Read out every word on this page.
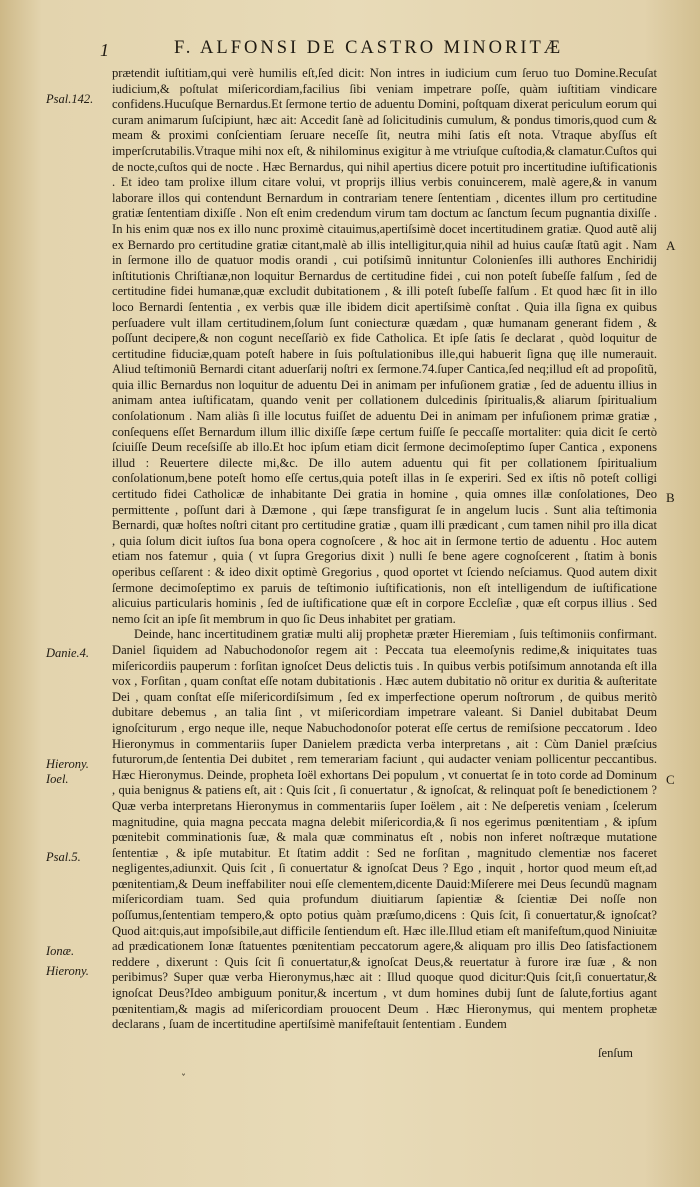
1	F. ALFONSI DE CASTRO MINORITÆ
Psal.142.
Danie.4.
Hierony.
Ioel.
Psal.5.
Ionæ.
Hierony.
A
B
C

prætendit iuſtitiam,qui verè humilis eſt,ſed dicit: Non intres in iudicium cum ſeruo tuo Domine.Recuſat iudicium,& poſtulat miſericordiam,facilius ſibi veniam impetrare poſſe, quàm iuſtitiam vindicare confidens.Hucuſque Bernardus.Et ſermone tertio de aduentu Domini, poſtquam dixerat periculum eorum qui curam animarum ſuſcipiunt, hæc ait: Accedit ſanè ad ſolicitudinis cumulum, & pondus timoris,quod cum & meam & proximi conſcientiam ſeruare neceſſe ſit, neutra mihi ſatis eſt nota. Vtraque abyſſus eſt imperſcrutabilis.Vtraque mihi nox eſt, & nihilominus exigitur à me vtriuſque cuſtodia,& clamatur.Cuſtos qui de nocte,cuſtos qui de nocte . Hæc Bernardus, qui nihil apertius dicere potuit pro incertitudine iuſtificationis . Et ideo tam prolixe illum citare volui, vt proprijs illius verbis conuincerem, malè agere,& in vanum laborare illos qui contendunt Bernardum in contrariam tenere ſententiam , dicentes illum pro certitudine gratiæ ſententiam dixiſſe . Non eſt enim credendum virum tam doctum ac ſanctum ſecum pugnantia dixiſſe . In his enim quæ nos ex illo nunc proximè citauimus,apertiſsimè docet incertitudinem gratiæ. Quod autẽ alij ex Bernardo pro certitudine gratiæ citant,malè ab illis intelligitur,quia nihil ad huius cauſæ ſtatũ agit . Nam in ſermone illo de quatuor modis orandi , cui potiſsimũ innituntur Colonienſes illi authores Enchiridij inſtitutionis Chriſtianæ,non loquitur Bernardus de certitudine fidei , cui non poteſt ſubeſſe falſum , ſed de certitudine fidei humanæ,quæ excludit dubitationem , & illi poteſt ſubeſſe falſum . Et quod hæc ſit in illo loco Bernardi ſententia , ex verbis quæ ille ibidem dicit apertiſsimè conſtat . Quia illa ſigna ex quibus perſuadere vult illam certitudinem,ſolum ſunt coniecturæ quædam , quæ humanam generant fidem , & poſſunt decipere,& non cogunt neceſſariò ex fide Catholica. Et ipſe ſatis ſe declarat , quòd loquitur de certitudine fiduciæ,quam poteſt habere in ſuis poſtulationibus ille,qui habuerit ſigna quę ille numerauit. Aliud teſtimoniũ Bernardi citant aduerſarij noſtri ex ſermone.74.ſuper Cantica,ſed neq;illud eſt ad propoſitũ, quia illic Bernardus non loquitur de aduentu Dei in animam per infuſionem gratiæ , ſed de aduentu illius in animam antea iuſtificatam, quando venit per collationem dulcedinis ſpiritualis,& aliarum ſpiritualium conſolationum . Nam aliàs ſi ille locutus fuiſſet de aduentu Dei in animam per infuſionem primæ gratiæ , conſequens eſſet Bernardum illum illic dixiſſe ſæpe certum fuiſſe ſe peccaſſe mortaliter: quia dicit ſe certò ſciuiſſe Deum receſsiſſe ab illo.Et hoc ipſum etiam dicit ſermone decimoſeptimo ſuper Cantica , exponens illud : Reuertere dilecte mi,&c. De illo autem aduentu qui fit per collationem ſpiritualium conſolationum,bene poteſt homo eſſe certus,quia poteſt illas in ſe experiri. Sed ex iſtis nõ poteſt colligi certitudo fidei Catholicæ de inhabitante Dei gratia in homine , quia omnes illæ conſolationes, Deo permittente , poſſunt dari à Dæmone , qui ſæpe transfigurat ſe in angelum lucis . Sunt alia teſtimonia Bernardi, quæ hoſtes noſtri citant pro certitudine gratiæ , quam illi prædicant , cum tamen nihil pro illa dicat , quia ſolum dicit iuſtos ſua bona opera cognoſcere , & hoc ait in ſermone tertio de aduentu . Hoc autem etiam nos fatemur , quia ( vt ſupra Gregorius dixit ) nulli ſe bene agere cognoſcerent , ſtatim à bonis operibus ceſſarent : & ideo dixit optimè Gregorius , quod oportet vt ſciendo neſciamus. Quod autem dixit ſermone decimoſeptimo ex paruis de teſtimonio iuſtificationis, non eſt intelligendum de iuſtificatione alicuius particularis hominis , ſed de iuſtificatione quæ eſt in corpore Eccleſiæ , quæ eſt corpus illius . Sed nemo ſcit an ipſe ſit membrum in quo ſic Deus inhabitet per gratiam.

Deinde, hanc incertitudinem gratiæ multi alij prophetæ præter Hieremiam , ſuis teſtimoniis confirmant. Daniel ſiquidem ad Nabuchodonoſor regem ait : Peccata tua eleemoſynis redime,& iniquitates tuas miſericordiis pauperum : forſitan ignoſcet Deus delictis tuis . In quibus verbis potiſsimum annotanda eſt illa vox , Forſitan , quam conſtat eſſe notam dubitationis . Hæc autem dubitatio nõ oritur ex duritia & auſteritate Dei , quam conſtat eſſe miſericordiſsimum , ſed ex imperfectione operum noſtrorum , de quibus meritò dubitare debemus , an talia ſint , vt miſericordiam impetrare valeant. Si Daniel dubitabat Deum ignoſciturum , ergo neque ille, neque Nabuchodonoſor poterat eſſe certus de remiſsione peccatorum . Ideo Hieronymus in commentariis ſuper Danielem prædicta verba interpretans , ait : Cùm Daniel præſcius futurorum,de ſententia Dei dubitet , rem temerariam faciunt , qui audacter veniam pollicentur peccantibus. Hæc Hieronymus. Deinde, propheta Ioël exhortans Dei populum , vt conuertat ſe in toto corde ad Dominum , quia benignus & patiens eſt, ait : Quis ſcit , ſi conuertatur , & ignoſcat, & relinquat poſt ſe benedictionem ? Quæ verba interpretans Hieronymus in commentariis ſuper Ioëlem , ait : Ne deſperetis veniam , ſcelerum magnitudine, quia magna peccata magna delebit miſericordia,& ſi nos egerimus pœnitentiam , & ipſum pœnitebit comminationis ſuæ, & mala quæ comminatus eſt , nobis non inferet noſtræque mutatione ſententiæ , & ipſe mutabitur. Et ſtatim addit : Sed ne forſitan , magnitudo clementiæ nos faceret negligentes,adiunxit. Quis ſcit , ſi conuertatur & ignoſcat Deus ? Ego , inquit , hortor quod meum eſt,ad pœnitentiam,& Deum ineffabiliter noui eſſe clementem,dicente Dauid:Miſerere mei Deus ſecundũ magnam miſericordiam tuam. Sed quia profundum diuitiarum ſapientiæ & ſcientiæ Dei noſſe non poſſumus,ſententiam tempero,& opto potius quàm præſumo,dicens : Quis ſcit, ſi conuertatur,& ignoſcat? Quod ait:quis,aut impoſsibile,aut difficile ſentiendum eſt. Hæc ille.Illud etiam eſt manifeſtum,quod Niniuitæ ad prædicationem Ionæ ſtatuentes pœnitentiam peccatorum agere,& aliquam pro illis Deo ſatisfactionem reddere , dixerunt : Quis ſcit ſi conuertatur,& ignoſcat Deus,& reuertatur à furore iræ ſuæ , & non peribimus? Super quæ verba Hieronymus,hæc ait : Illud quoque quod dicitur:Quis ſcit,ſi conuertatur,& ignoſcat Deus?Ideo ambiguum ponitur,& incertum , vt dum homines dubij ſunt de ſalute,fortius agant pœnitentiam,& magis ad miſericordiam prouocent Deum . Hæc Hieronymus, qui mentem prophetæ declarans , ſuam de incertitudine apertiſsimè manifeſtauit ſententiam . Eundem

ſenſum
ˇ
